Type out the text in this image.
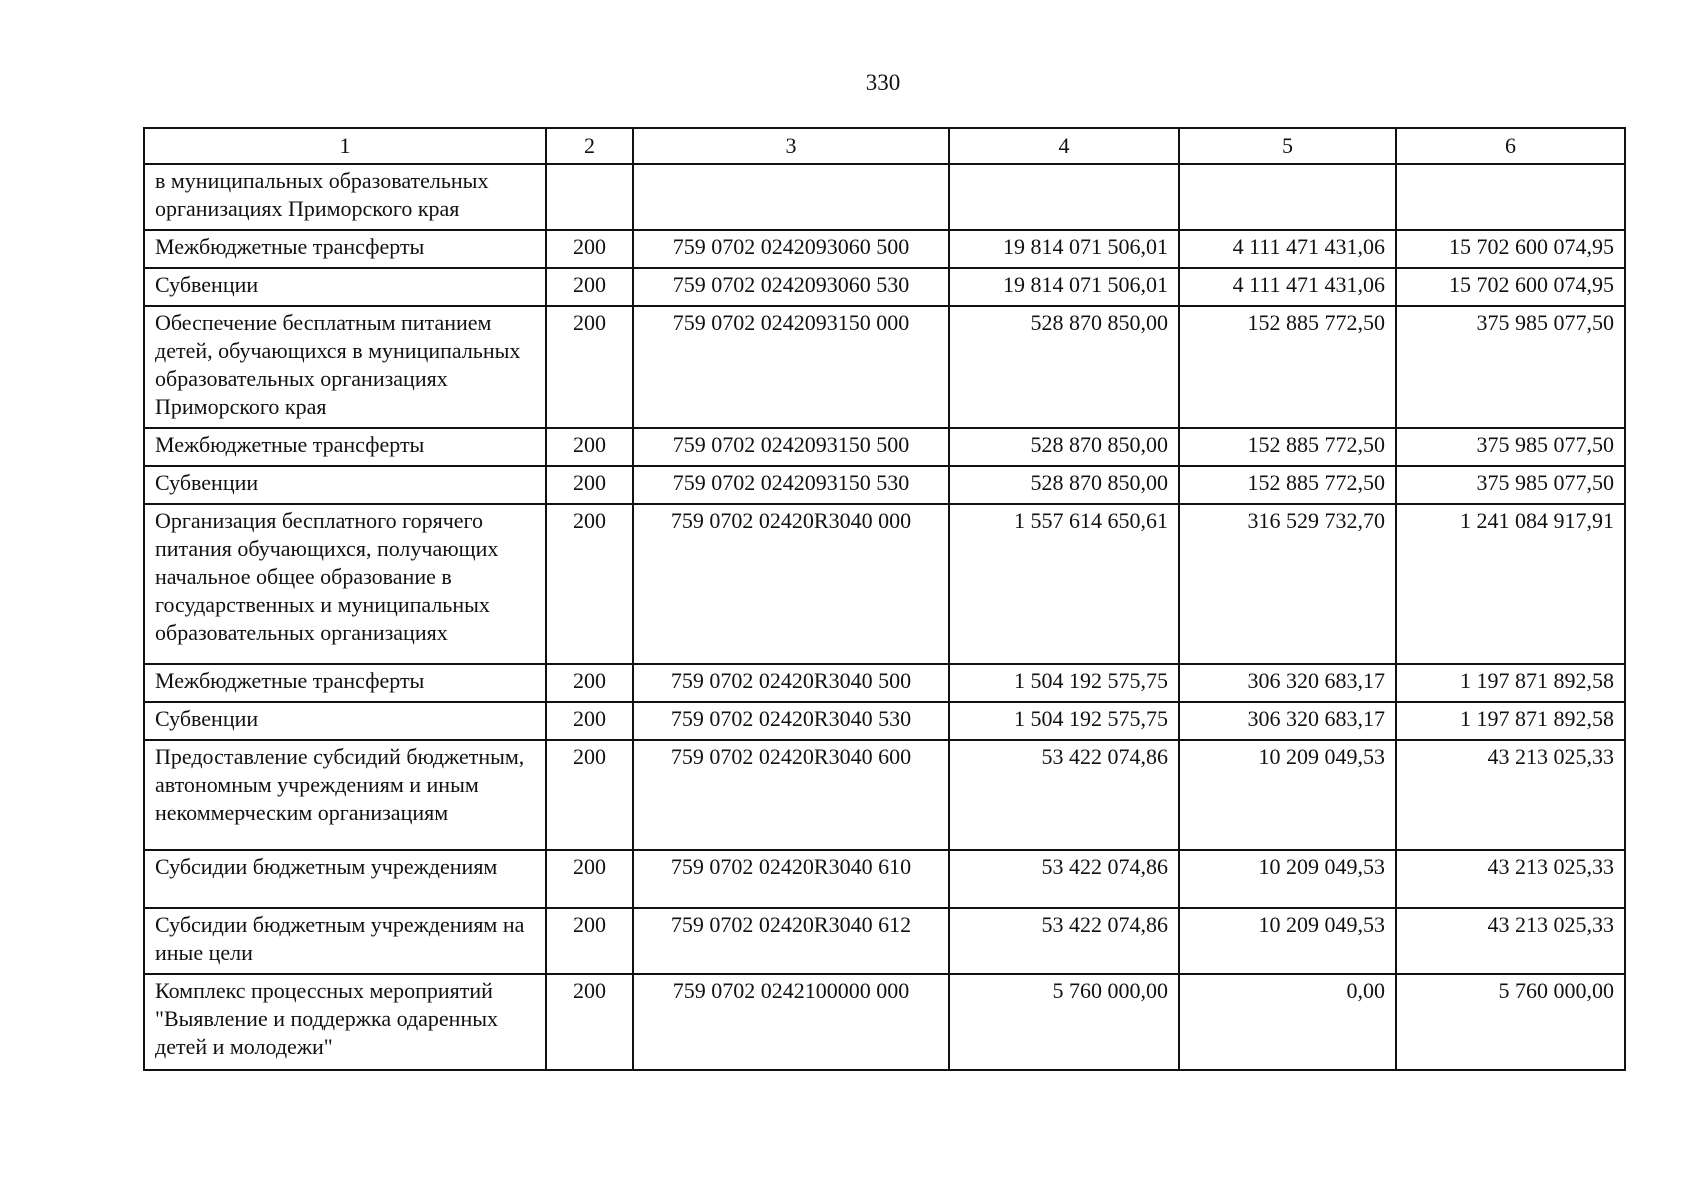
330
1	2	3	4	5	6
в муниципальных образовательных организациях Приморского края					
Межбюджетные трансферты	200	759 0702 0242093060 500	19 814 071 506,01	4 111 471 431,06	15 702 600 074,95
Субвенции	200	759 0702 0242093060 530	19 814 071 506,01	4 111 471 431,06	15 702 600 074,95
Обеспечение бесплатным питанием детей, обучающихся в муниципальных образовательных организациях Приморского края	200	759 0702 0242093150 000	528 870 850,00	152 885 772,50	375 985 077,50
Межбюджетные трансферты	200	759 0702 0242093150 500	528 870 850,00	152 885 772,50	375 985 077,50
Субвенции	200	759 0702 0242093150 530	528 870 850,00	152 885 772,50	375 985 077,50
Организация бесплатного горячего питания обучающихся, получающих начальное общее образование в государственных и муниципальных образовательных организациях	200	759 0702 02420R3040 000	1 557 614 650,61	316 529 732,70	1 241 084 917,91
Межбюджетные трансферты	200	759 0702 02420R3040 500	1 504 192 575,75	306 320 683,17	1 197 871 892,58
Субвенции	200	759 0702 02420R3040 530	1 504 192 575,75	306 320 683,17	1 197 871 892,58
Предоставление субсидий бюджетным, автономным учреждениям и иным некоммерческим организациям	200	759 0702 02420R3040 600	53 422 074,86	10 209 049,53	43 213 025,33
Субсидии бюджетным учреждениям	200	759 0702 02420R3040 610	53 422 074,86	10 209 049,53	43 213 025,33
Субсидии бюджетным учреждениям на иные цели	200	759 0702 02420R3040 612	53 422 074,86	10 209 049,53	43 213 025,33
Комплекс процессных мероприятий "Выявление и поддержка одаренных детей и молодежи"	200	759 0702 0242100000 000	5 760 000,00	0,00	5 760 000,00
